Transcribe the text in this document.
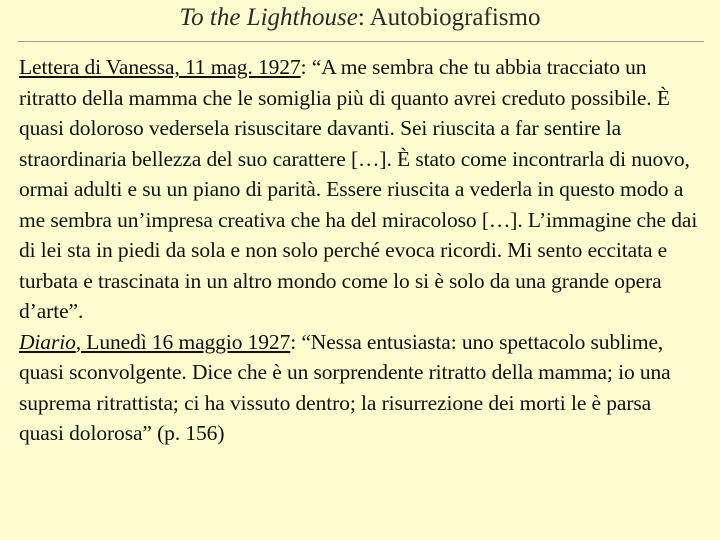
To the Lighthouse: Autobiografismo

Lettera di Vanessa, 11 mag. 1927: “A me sembra che tu abbia tracciato un ritratto della mamma che le somiglia più di quanto avrei creduto possibile. È quasi doloroso vedersela risuscitare davanti. Sei riuscita a far sentire la straordinaria bellezza del suo carattere […]. È stato come incontrarla di nuovo, ormai adulti e su un piano di parità. Essere riuscita a vederla in questo modo a me sembra un’impresa creativa che ha del miracoloso […]. L’immagine che dai di lei sta in piedi da sola e non solo perché evoca ricordi. Mi sento eccitata e turbata e trascinata in un altro mondo come lo si è solo da una grande opera d’arte”.

Diario, Lunedì 16 maggio 1927: “Nessa entusiasta: uno spettacolo sublime, quasi sconvolgente. Dice che è un sorprendente ritratto della mamma; io una suprema ritrattista; ci ha vissuto dentro; la risurrezione dei morti le è parsa quasi dolorosa” (p. 156)
